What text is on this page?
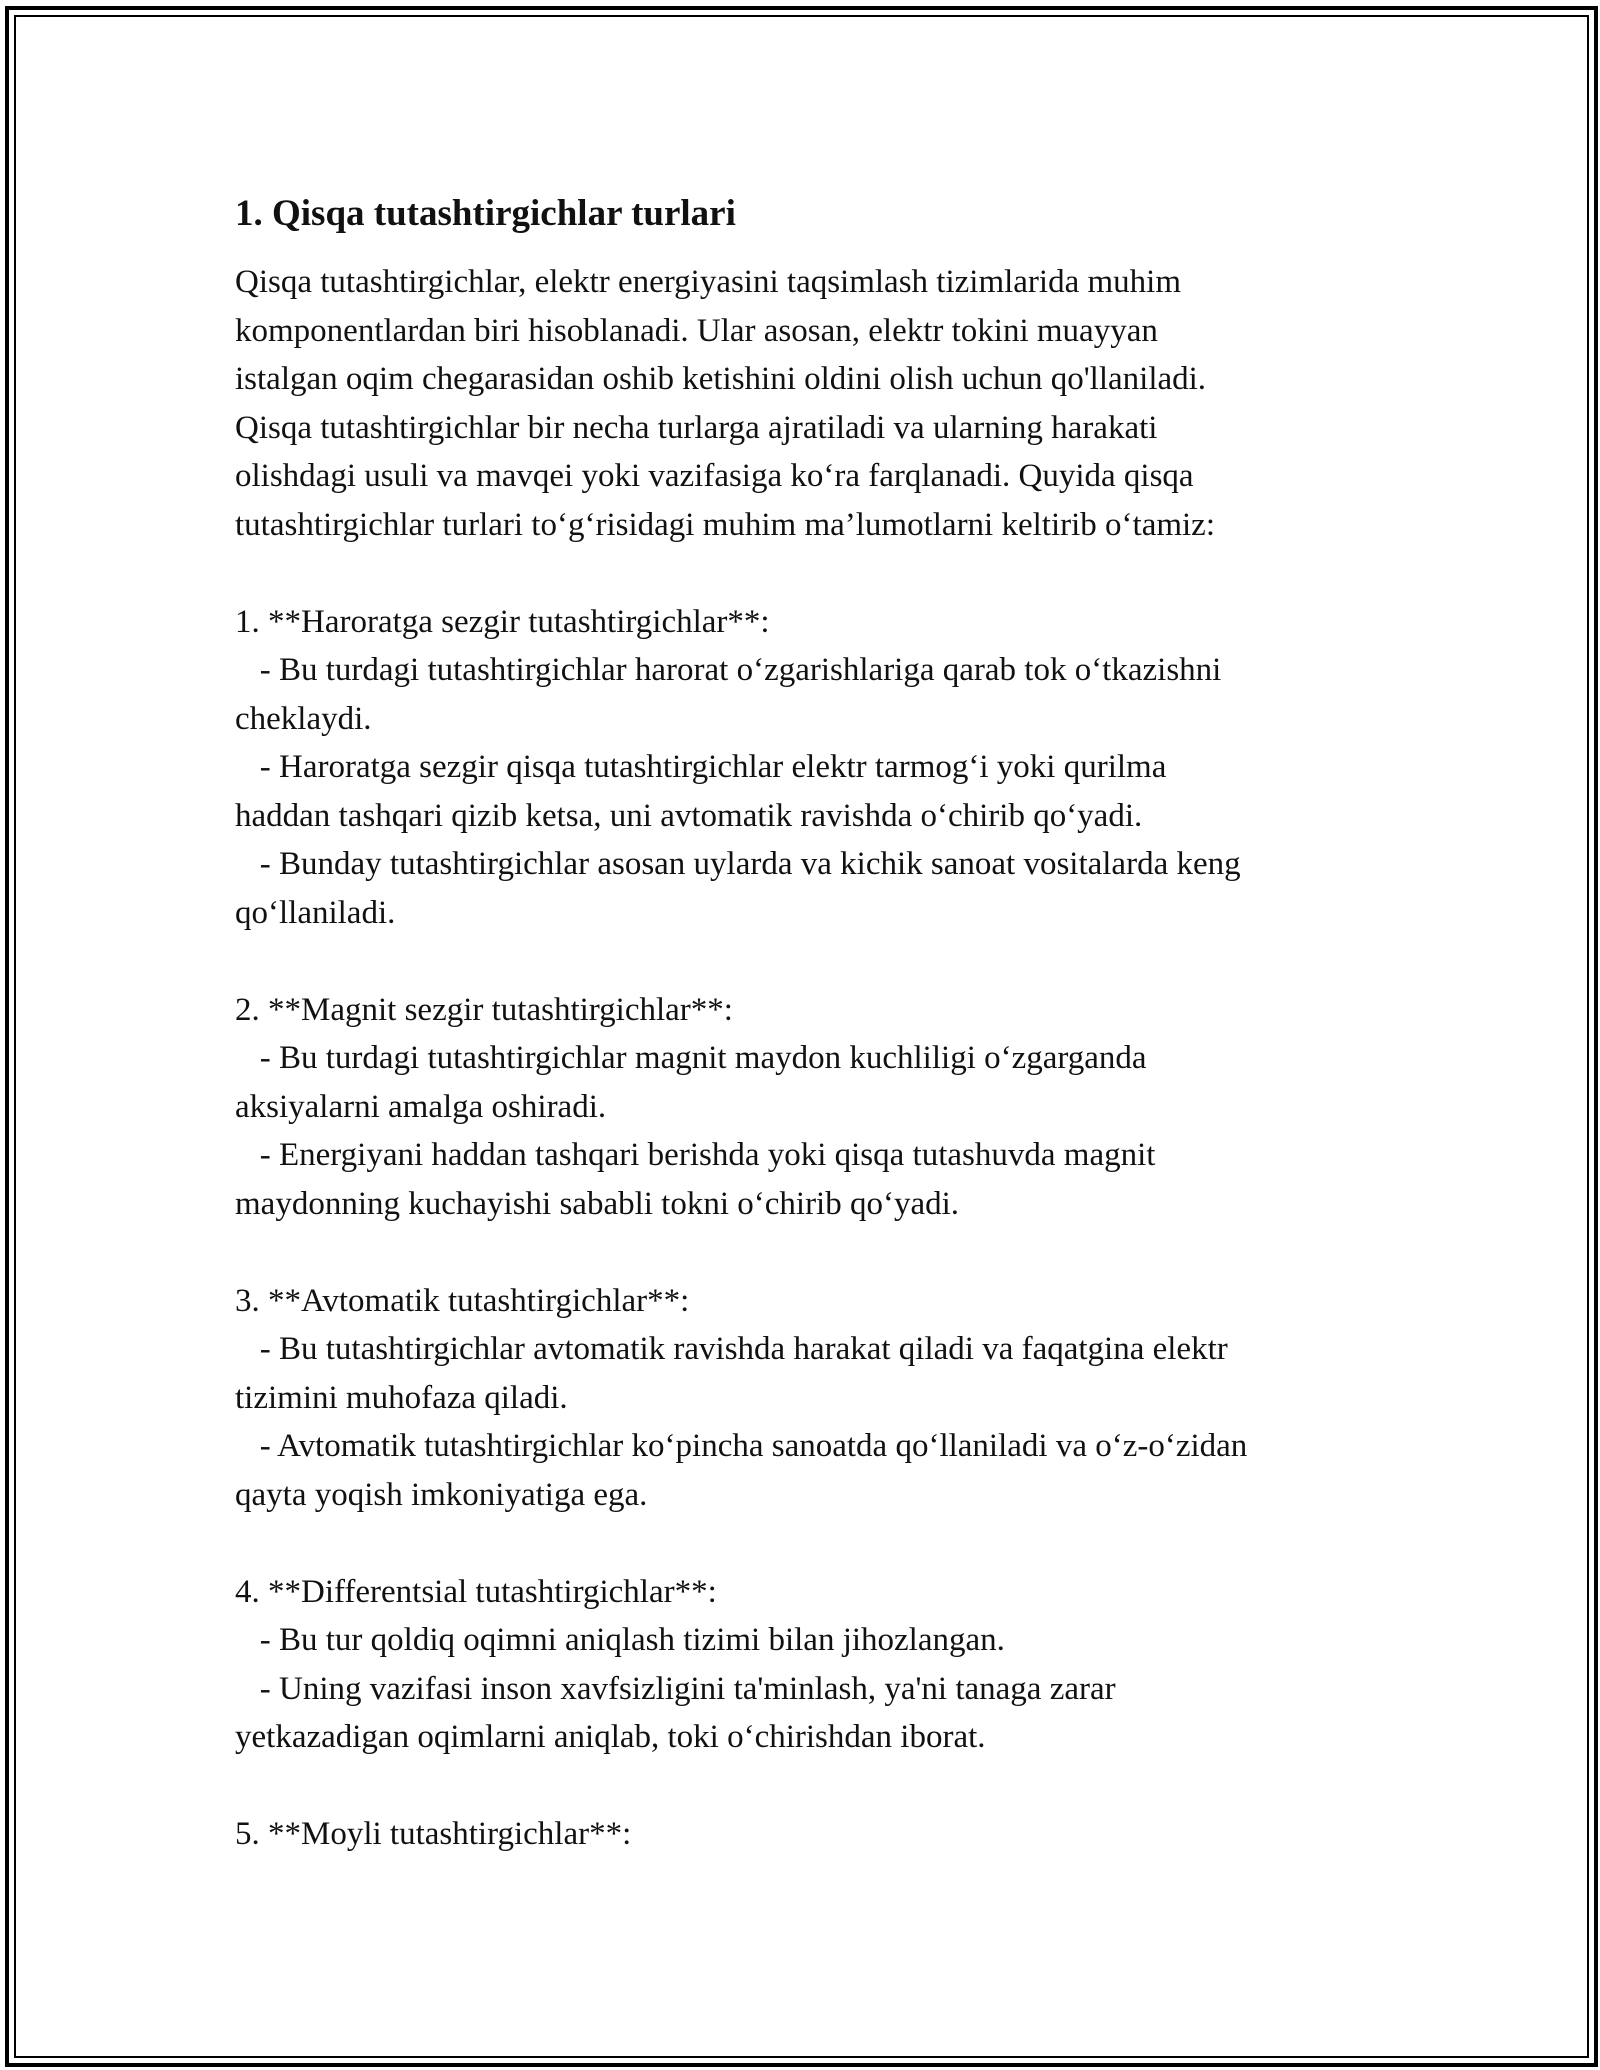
1. Qisqa tutashtirgichlar turlari
Qisqa tutashtirgichlar, elektr energiyasini taqsimlash tizimlarida muhim
komponentlardan biri hisoblanadi. Ular asosan, elektr tokini muayyan
istalgan oqim chegarasidan oshib ketishini oldini olish uchun qo'llaniladi.
Qisqa tutashtirgichlar bir necha turlarga ajratiladi va ularning harakati
olishdagi usuli va mavqei yoki vazifasiga ko‘ra farqlanadi. Quyida qisqa
tutashtirgichlar turlari to‘g‘risidagi muhim ma’lumotlarni keltirib o‘tamiz:
1. **Haroratga sezgir tutashtirgichlar**:
- Bu turdagi tutashtirgichlar harorat o‘zgarishlariga qarab tok o‘tkazishni
cheklaydi.
- Haroratga sezgir qisqa tutashtirgichlar elektr tarmog‘i yoki qurilma
haddan tashqari qizib ketsa, uni avtomatik ravishda o‘chirib qo‘yadi.
- Bunday tutashtirgichlar asosan uylarda va kichik sanoat vositalarda keng
qo‘llaniladi.
2. **Magnit sezgir tutashtirgichlar**:
- Bu turdagi tutashtirgichlar magnit maydon kuchliligi o‘zgarganda
aksiyalarni amalga oshiradi.
- Energiyani haddan tashqari berishda yoki qisqa tutashuvda magnit
maydonning kuchayishi sababli tokni o‘chirib qo‘yadi.
3. **Avtomatik tutashtirgichlar**:
- Bu tutashtirgichlar avtomatik ravishda harakat qiladi va faqatgina elektr
tizimini muhofaza qiladi.
- Avtomatik tutashtirgichlar ko‘pincha sanoatda qo‘llaniladi va o‘z-o‘zidan
qayta yoqish imkoniyatiga ega.
4. **Differentsial tutashtirgichlar**:
- Bu tur qoldiq oqimni aniqlash tizimi bilan jihozlangan.
- Uning vazifasi inson xavfsizligini ta'minlash, ya'ni tanaga zarar
yetkazadigan oqimlarni aniqlab, toki o‘chirishdan iborat.
5. **Moyli tutashtirgichlar**:
